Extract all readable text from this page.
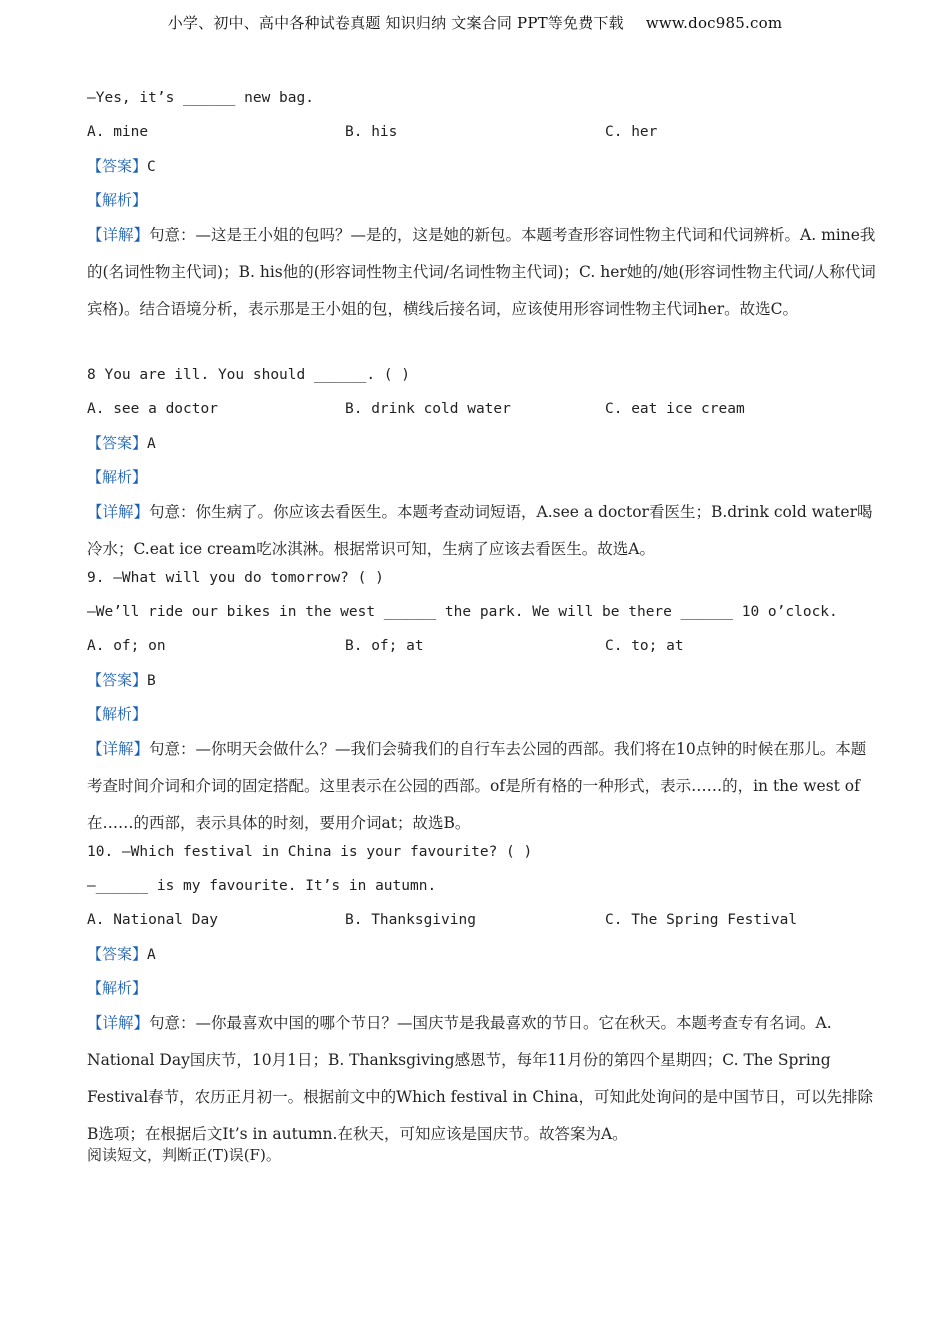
小学、初中、高中各种试卷真题 知识归纳 文案合同 PPT等免费下载 www.doc985.com
—Yes, it’s ______ new bag.
A. mine	B. his	C. her
【答案】C
【解析】
【详解】句意：—这是王小姐的包吗？—是的，这是她的新包。本题考查形容词性物主代词和代词辨析。A. mine我的(名词性物主代词)；B. his他的(形容词性物主代词/名词性物主代词)；C. her她的/她(形容词性物主代词/人称代词宾格)。结合语境分析，表示那是王小姐的包，横线后接名词，应该使用形容词性物主代词her。故选C。
8 You are ill. You should ______. ( )
A. see a doctor	B. drink cold water	C. eat ice cream
【答案】A
【解析】
【详解】句意：你生病了。你应该去看医生。本题考查动词短语，A.see a doctor看医生；B.drink cold water喝冷水；C.eat ice cream吃冰淇淋。根据常识可知，生病了应该去看医生。故选A。
9. —What will you do tomorrow? ( )
—We’ll ride our bikes in the west ______ the park. We will be there ______ 10 o’clock.
A. of; on	B. of; at	C. to; at
【答案】B
【解析】
【详解】句意：—你明天会做什么？—我们会骑我们的自行车去公园的西部。我们将在10点钟的时候在那儿。本题考查时间介词和介词的固定搭配。这里表示在公园的西部。of是所有格的一种形式，表示……的，in the west of在……的西部，表示具体的时刻，要用介词at；故选B。
10. —Which festival in China is your favourite? ( )
—______ is my favourite. It’s in autumn.
A. National Day	B. Thanksgiving	C. The Spring Festival
【答案】A
【解析】
【详解】句意：—你最喜欢中国的哪个节日？—国庆节是我最喜欢的节日。它在秋天。本题考查专有名词。A. National Day国庆节，10月1日；B. Thanksgiving感恩节，每年11月份的第四个星期四；C. The Spring Festival春节，农历正月初一。根据前文中的Which festival in China，可知此处询问的是中国节日，可以先排除B选项；在根据后文It’s in autumn.在秋天，可知应该是国庆节。故答案为A。
阅读短文，判断正(T)误(F)。
